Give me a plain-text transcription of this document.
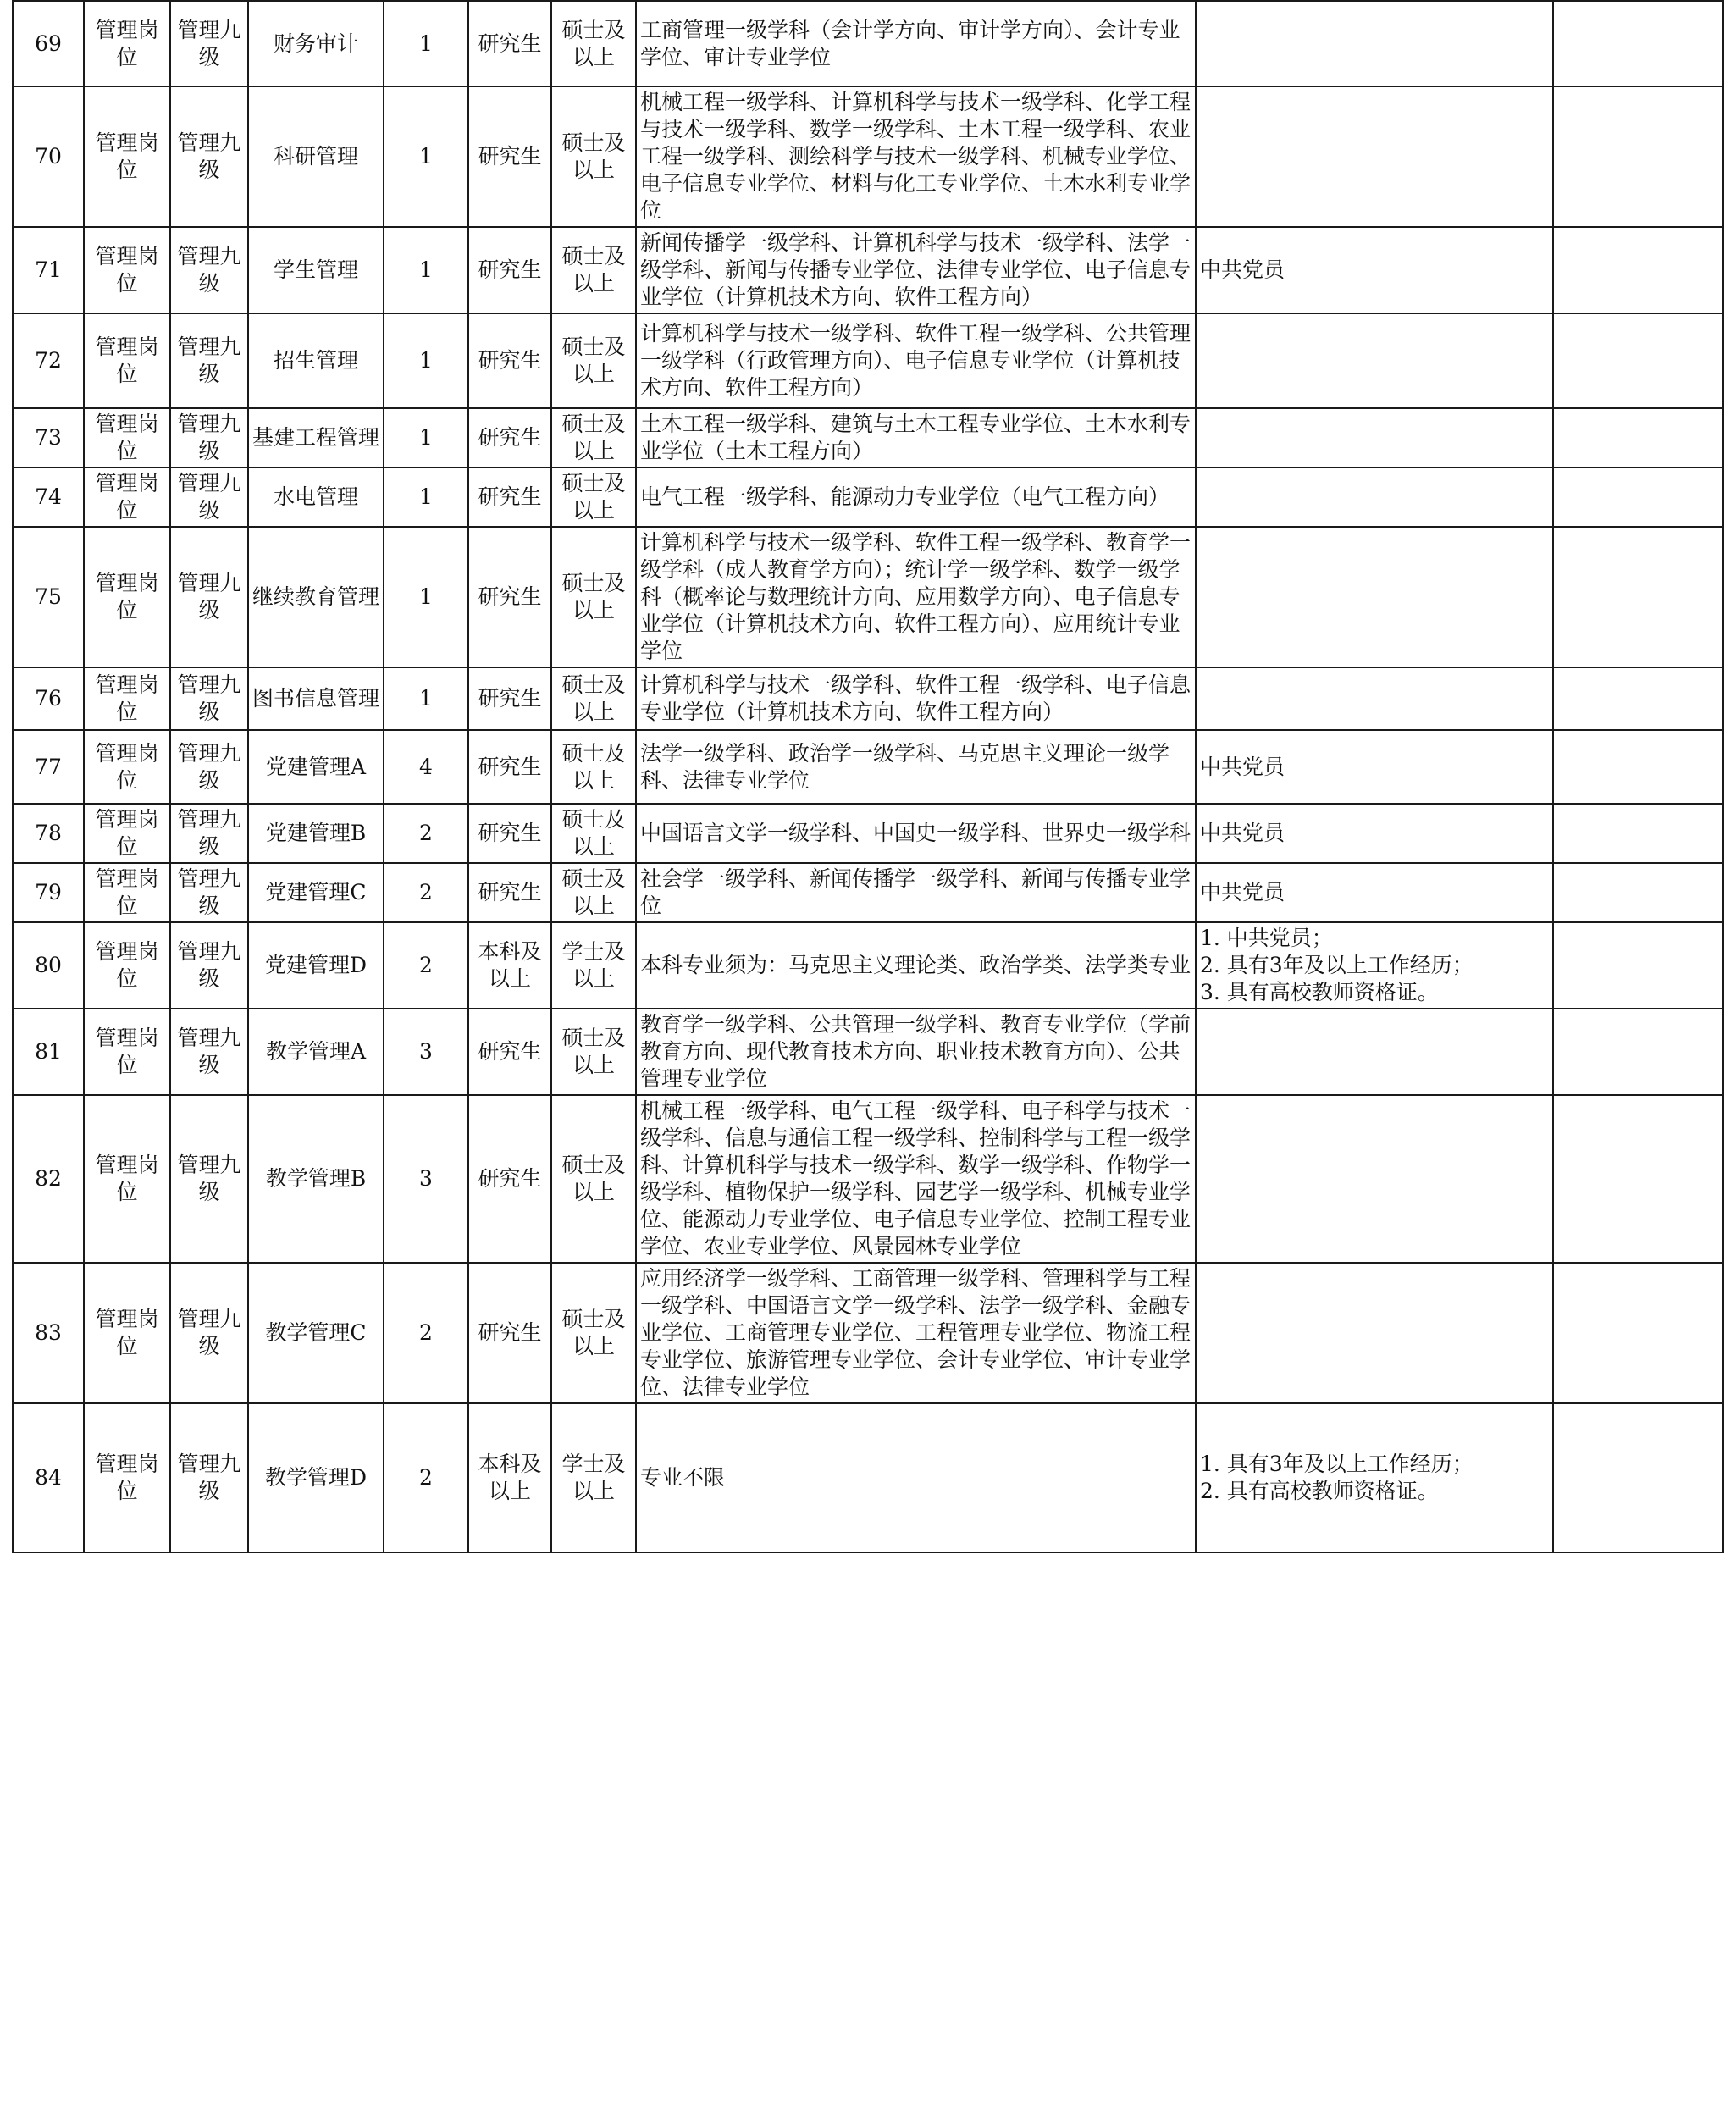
69	管理岗位	管理九级	财务审计	1	研究生	硕士及以上	工商管理一级学科（会计学方向、审计学方向）、会计专业学位、审计专业学位		
70	管理岗位	管理九级	科研管理	1	研究生	硕士及以上	机械工程一级学科、计算机科学与技术一级学科、化学工程与技术一级学科、数学一级学科、土木工程一级学科、农业工程一级学科、测绘科学与技术一级学科、机械专业学位、电子信息专业学位、材料与化工专业学位、土木水利专业学位		
71	管理岗位	管理九级	学生管理	1	研究生	硕士及以上	新闻传播学一级学科、计算机科学与技术一级学科、法学一级学科、新闻与传播专业学位、法律专业学位、电子信息专业学位（计算机技术方向、软件工程方向）	中共党员	
72	管理岗位	管理九级	招生管理	1	研究生	硕士及以上	计算机科学与技术一级学科、软件工程一级学科、公共管理一级学科（行政管理方向）、电子信息专业学位（计算机技术方向、软件工程方向）		
73	管理岗位	管理九级	基建工程管理	1	研究生	硕士及以上	土木工程一级学科、建筑与土木工程专业学位、土木水利专业学位（土木工程方向）		
74	管理岗位	管理九级	水电管理	1	研究生	硕士及以上	电气工程一级学科、能源动力专业学位（电气工程方向）		
75	管理岗位	管理九级	继续教育管理	1	研究生	硕士及以上	计算机科学与技术一级学科、软件工程一级学科、教育学一级学科（成人教育学方向）；统计学一级学科、数学一级学科（概率论与数理统计方向、应用数学方向）、电子信息专业学位（计算机技术方向、软件工程方向）、应用统计专业学位		
76	管理岗位	管理九级	图书信息管理	1	研究生	硕士及以上	计算机科学与技术一级学科、软件工程一级学科、电子信息专业学位（计算机技术方向、软件工程方向）		
77	管理岗位	管理九级	党建管理A	4	研究生	硕士及以上	法学一级学科、政治学一级学科、马克思主义理论一级学科、法律专业学位	中共党员	
78	管理岗位	管理九级	党建管理B	2	研究生	硕士及以上	中国语言文学一级学科、中国史一级学科、世界史一级学科	中共党员	
79	管理岗位	管理九级	党建管理C	2	研究生	硕士及以上	社会学一级学科、新闻传播学一级学科、新闻与传播专业学位	中共党员	
80	管理岗位	管理九级	党建管理D	2	本科及以上	学士及以上	本科专业须为：马克思主义理论类、政治学类、法学类专业	1. 中共党员；
2. 具有3年及以上工作经历；
3. 具有高校教师资格证。	
81	管理岗位	管理九级	教学管理A	3	研究生	硕士及以上	教育学一级学科、公共管理一级学科、教育专业学位（学前教育方向、现代教育技术方向、职业技术教育方向）、公共管理专业学位		
82	管理岗位	管理九级	教学管理B	3	研究生	硕士及以上	机械工程一级学科、电气工程一级学科、电子科学与技术一级学科、信息与通信工程一级学科、控制科学与工程一级学科、计算机科学与技术一级学科、数学一级学科、作物学一级学科、植物保护一级学科、园艺学一级学科、机械专业学位、能源动力专业学位、电子信息专业学位、控制工程专业学位、农业专业学位、风景园林专业学位		
83	管理岗位	管理九级	教学管理C	2	研究生	硕士及以上	应用经济学一级学科、工商管理一级学科、管理科学与工程一级学科、中国语言文学一级学科、法学一级学科、金融专业学位、工商管理专业学位、工程管理专业学位、物流工程专业学位、旅游管理专业学位、会计专业学位、审计专业学位、法律专业学位		
84	管理岗位	管理九级	教学管理D	2	本科及以上	学士及以上	专业不限	1. 具有3年及以上工作经历；
2. 具有高校教师资格证。	
